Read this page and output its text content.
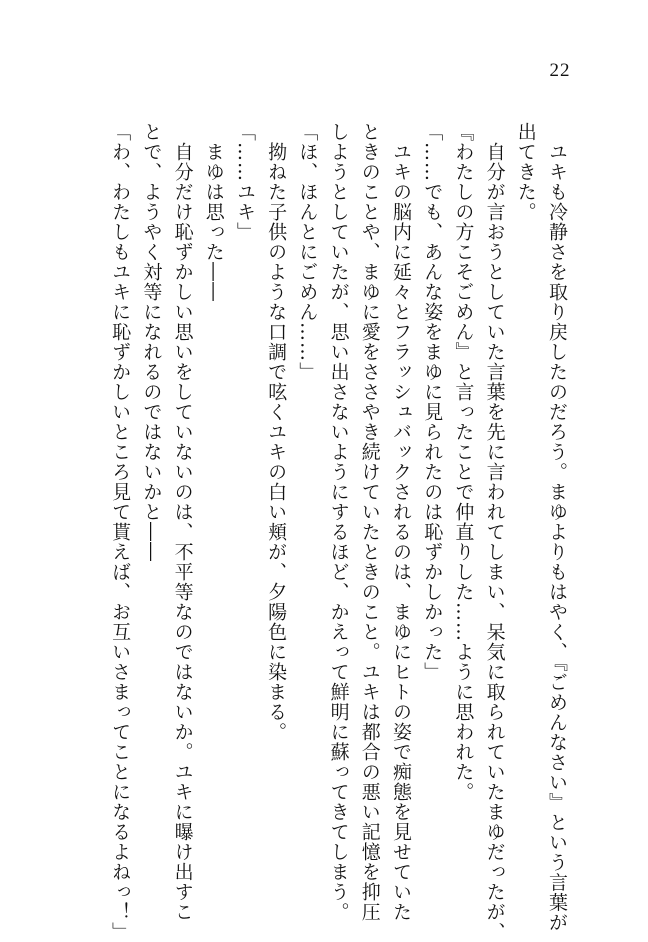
22
　ユキも冷静さを取り戻したのだろう。まゆよりもはやく、『ごめんなさい』という言葉が
出てきた。
　自分が言おうとしていた言葉を先に言われてしまい、呆気に取られていたまゆだったが、
『わたしの方こそごめん』と言ったことで仲直りした……ように思われた。
「……でも、あんな姿をまゆに見られたのは恥ずかしかった」
　ユキの脳内に延々とフラッシュバックされるのは、まゆにヒトの姿で痴態を見せていた
ときのことや、まゆに愛をささやき続けていたときのこと。ユキは都合の悪い記憶を抑圧
しようとしていたが、思い出さないようにするほど、かえって鮮明に蘇ってきてしまう。
「ほ、ほんとにごめん……」
　拗ねた子供のような口調で呟くユキの白い頬が、夕陽色に染まる。
「……ユキ」
　まゆは思った――
　自分だけ恥ずかしい思いをしていないのは、不平等なのではないか。ユキに曝け出すこ
とで、ようやく対等になれるのではないかと――
「わ、わたしもユキに恥ずかしいところ見て貰えば、お互いさまってことになるよねっ！」
